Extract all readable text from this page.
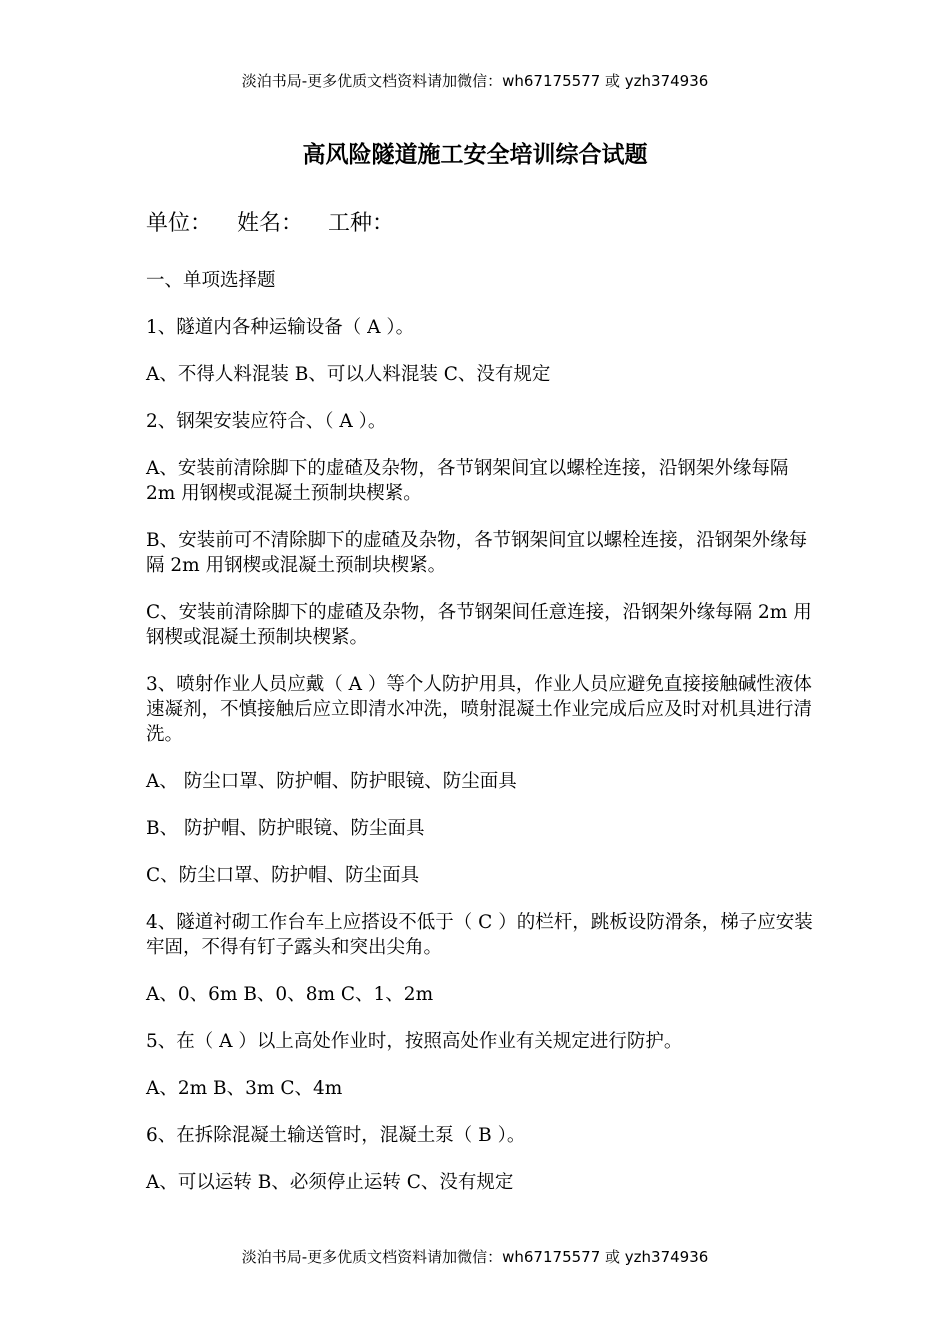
淡泊书局-更多优质文档资料请加微信：wh67175577 或 yzh374936
高风险隧道施工安全培训综合试题
单位： 姓名： 工种：
一、单项选择题
1、隧道内各种运输设备（ A ）。
A、不得人料混装 B、可以人料混装 C、没有规定
2、钢架安装应符合、（ A ）。
A、安装前清除脚下的虚碴及杂物，各节钢架间宜以螺栓连接，沿钢架外缘每隔 2m 用钢楔或混凝土预制块楔紧。
B、安装前可不清除脚下的虚碴及杂物，各节钢架间宜以螺栓连接，沿钢架外缘每隔 2m 用钢楔或混凝土预制块楔紧。
C、安装前清除脚下的虚碴及杂物，各节钢架间任意连接，沿钢架外缘每隔 2m 用钢楔或混凝土预制块楔紧。
3、喷射作业人员应戴（ A ）等个人防护用具，作业人员应避免直接接触碱性液体速凝剂，不慎接触后应立即清水冲洗，喷射混凝土作业完成后应及时对机具进行清洗。
A、 防尘口罩、防护帽、防护眼镜、防尘面具
B、 防护帽、防护眼镜、防尘面具
C、防尘口罩、防护帽、防尘面具
4、隧道衬砌工作台车上应搭设不低于（ C ）的栏杆，跳板设防滑条，梯子应安装牢固，不得有钉子露头和突出尖角。
A、0、6m B、0、8m C、1、2m
5、在（ A ）以上高处作业时，按照高处作业有关规定进行防护。
A、2m B、3m C、4m
6、在拆除混凝土输送管时，混凝土泵（ B ）。
A、可以运转 B、必须停止运转 C、没有规定
淡泊书局-更多优质文档资料请加微信：wh67175577 或 yzh374936
